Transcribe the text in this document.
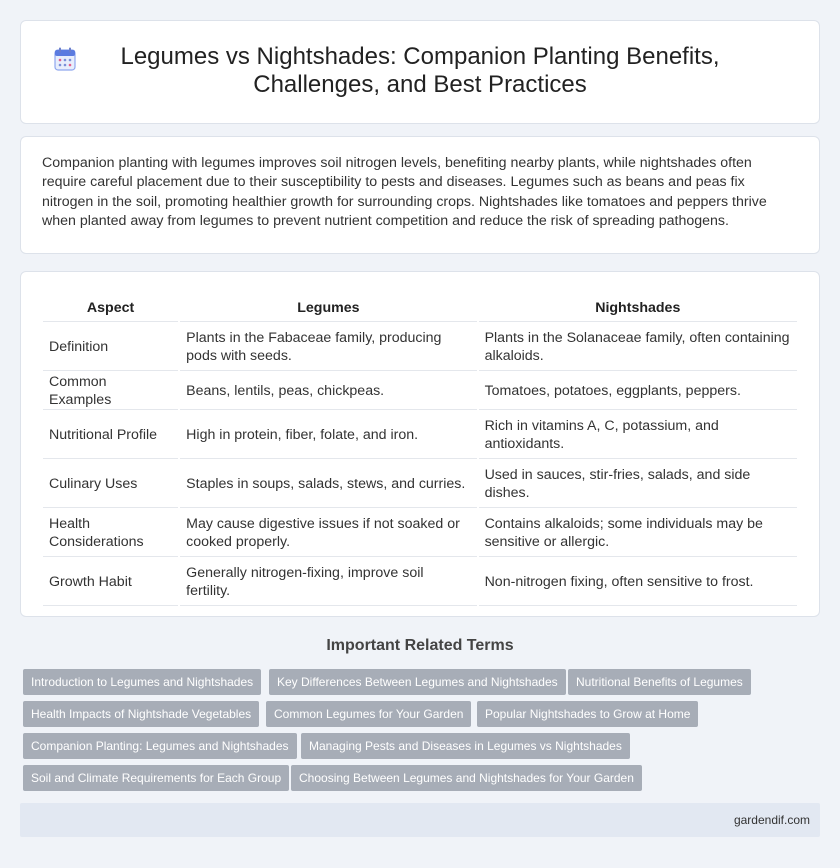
Legumes vs Nightshades: Companion Planting Benefits, Challenges, and Best Practices

Companion planting with legumes improves soil nitrogen levels, benefiting nearby plants, while nightshades often require careful placement due to their susceptibility to pests and diseases. Legumes such as beans and peas fix nitrogen in the soil, promoting healthier growth for surrounding crops. Nightshades like tomatoes and peppers thrive when planted away from legumes to prevent nutrient competition and reduce the risk of spreading pathogens.

Aspect	Legumes	Nightshades
Definition	Plants in the Fabaceae family, producing pods with seeds.	Plants in the Solanaceae family, often containing alkaloids.
Common Examples	Beans, lentils, peas, chickpeas.	Tomatoes, potatoes, eggplants, peppers.
Nutritional Profile	High in protein, fiber, folate, and iron.	Rich in vitamins A, C, potassium, and antioxidants.
Culinary Uses	Staples in soups, salads, stews, and curries.	Used in sauces, stir-fries, salads, and side dishes.
Health Considerations	May cause digestive issues if not soaked or cooked properly.	Contains alkaloids; some individuals may be sensitive or allergic.
Growth Habit	Generally nitrogen-fixing, improve soil fertility.	Non-nitrogen fixing, often sensitive to frost.
Important Related Terms
Introduction to Legumes and Nightshades	Key Differences Between Legumes and Nightshades	Nutritional Benefits of Legumes
Health Impacts of Nightshade Vegetables	Common Legumes for Your Garden	Popular Nightshades to Grow at Home
Companion Planting: Legumes and Nightshades	Managing Pests and Diseases in Legumes vs Nightshades
Soil and Climate Requirements for Each Group	Choosing Between Legumes and Nightshades for Your Garden
gardendif.com
